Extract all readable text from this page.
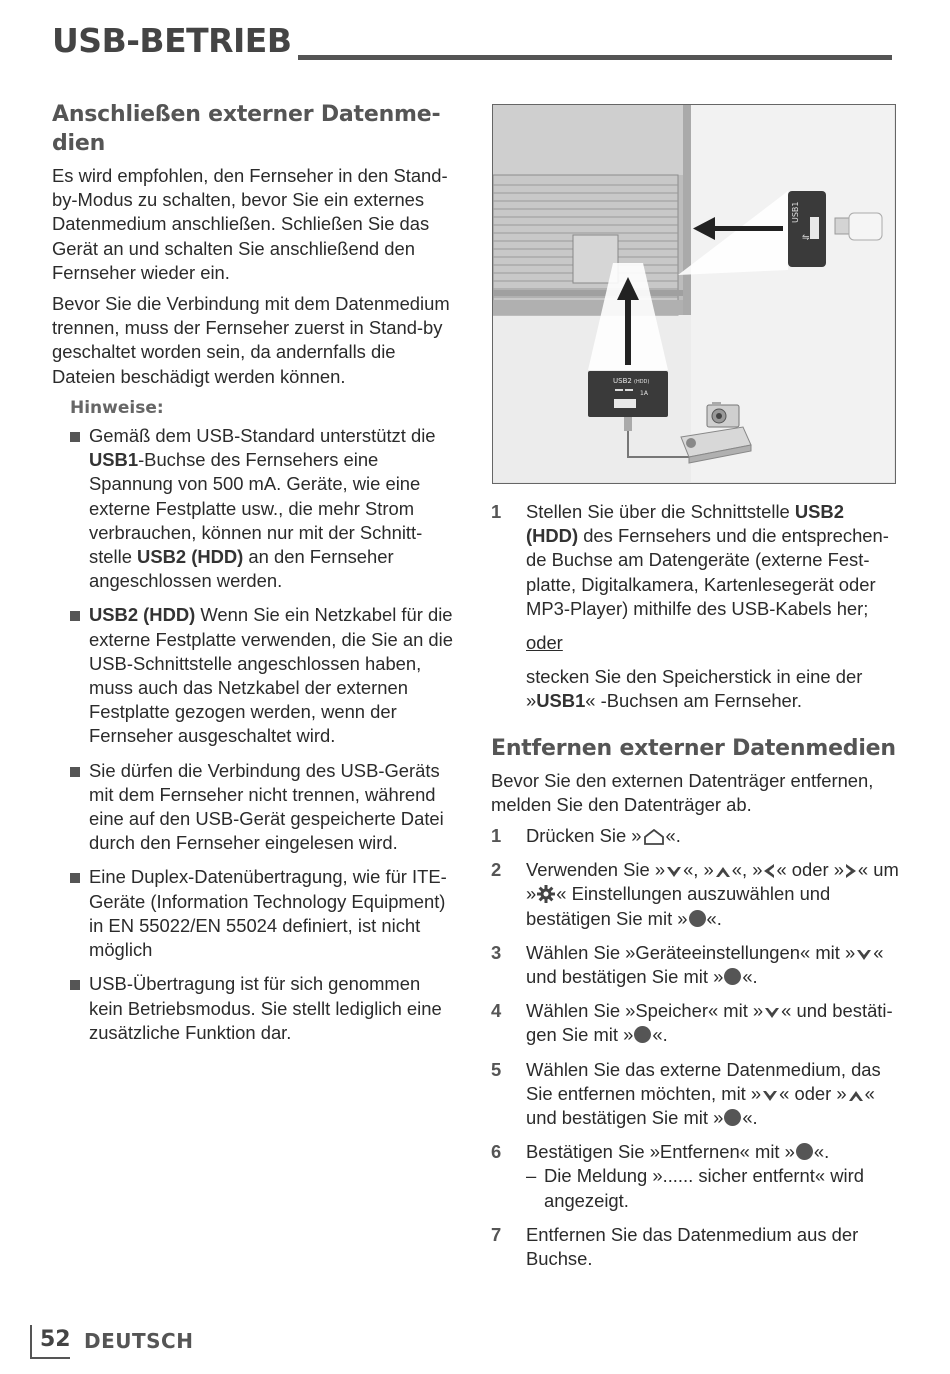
USB-BETRIEB
Anschließen externer Datenmedien

Es wird empfohlen, den Fernseher in den Stand-by-Modus zu schalten, bevor Sie ein externes Datenmedium anschließen. Schließen Sie das Gerät an und schalten Sie anschließend den Fernseher wieder ein.

Bevor Sie die Verbindung mit dem Datenmedium trennen, muss der Fernseher zuerst in Stand-by geschaltet worden sein, da andernfalls die Dateien beschädigt werden können.

Hinweise:
Gemäß dem USB-Standard unterstützt die USB1-Buchse des Fernsehers eine Spannung von 500 mA. Geräte, wie eine externe Festplatte usw., die mehr Strom verbrauchen, können nur mit der Schnittstelle USB2 (HDD) an den Fernseher angeschlossen werden.
USB2 (HDD) Wenn Sie ein Netzkabel für die externe Festplatte verwenden, die Sie an die USB-Schnittstelle angeschlossen haben, muss auch das Netzkabel der externen Festplatte gezogen werden, wenn der Fernseher ausgeschaltet wird.
Sie dürfen die Verbindung des USB-Geräts mit dem Fernseher nicht trennen, während eine auf den USB-Gerät gespeicherte Datei durch den Fernseher eingelesen wird.
Eine Duplex-Datenübertragung, wie für ITE-Geräte (Information Technology Equipment) in EN 55022/EN 55024 definiert, ist nicht möglich
USB-Übertragung ist für sich genommen kein Betriebsmodus. Sie stellt lediglich eine zusätzliche Funktion dar.
USB1
⇋
USB2 (HDD)
1A
1 Stellen Sie über die Schnittstelle USB2 (HDD) des Fernsehers und die entsprechende Buchse am Datengeräte (externe Festplatte, Digitalkamera, Kartenlesegerät oder MP3-Player) mithilfe des USB-Kabels her;
oder
stecken Sie den Speicherstick in eine der »USB1« -Buchsen am Fernseher.
Entfernen externer Datenmedien

Bevor Sie den externen Datenträger entfernen, melden Sie den Datenträger ab.

1 Drücken Sie » «.
2 Verwenden Sie » «, » «, » « oder » « um » « Einstellungen auszuwählen und bestätigen Sie mit » «.
3 Wählen Sie »Geräteeinstellungen« mit » « und bestätigen Sie mit » «.
4 Wählen Sie »Speicher« mit » « und bestätigen Sie mit » «.
5 Wählen Sie das externe Datenmedium, das Sie entfernen möchten, mit » « oder » « und bestätigen Sie mit » «.
6 Bestätigen Sie »Entfernen« mit » «.
– Die Meldung »...... sicher entfernt« wird angezeigt.
7 Entfernen Sie das Datenmedium aus der Buchse.
52 DEUTSCH
